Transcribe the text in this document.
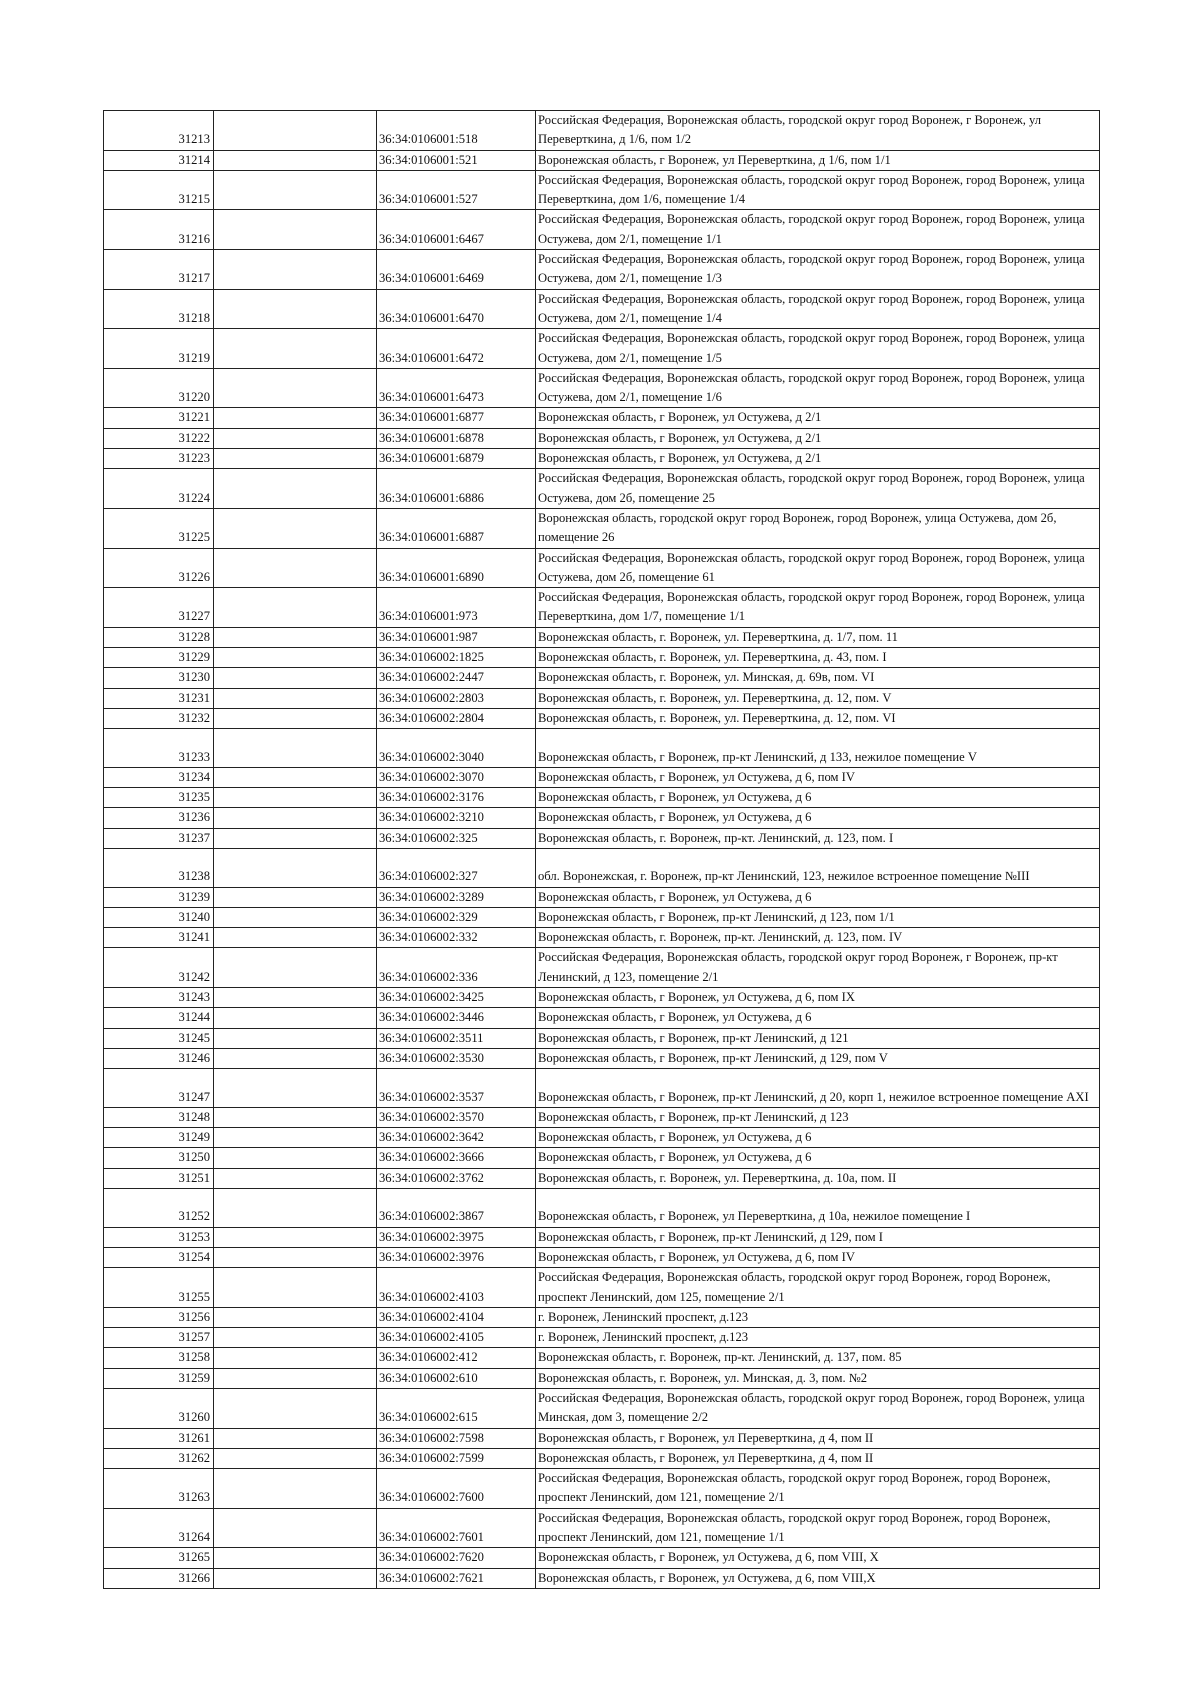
31213		36:34:0106001:518	Российская Федерация, Воронежская область, городской округ город Воронеж, г Воронеж, ул Переверткина, д 1/6, пом 1/2
31214		36:34:0106001:521	Воронежская область, г Воронеж, ул Переверткина, д 1/6, пом 1/1
31215		36:34:0106001:527	Российская Федерация, Воронежская область, городской округ город Воронеж, город Воронеж, улица Переверткина, дом 1/6, помещение 1/4
31216		36:34:0106001:6467	Российская Федерация, Воронежская область, городской округ город Воронеж, город Воронеж, улица Остужева, дом 2/1, помещение 1/1
31217		36:34:0106001:6469	Российская Федерация, Воронежская область, городской округ город Воронеж, город Воронеж, улица Остужева, дом 2/1, помещение 1/3
31218		36:34:0106001:6470	Российская Федерация, Воронежская область, городской округ город Воронеж, город Воронеж, улица Остужева, дом 2/1, помещение 1/4
31219		36:34:0106001:6472	Российская Федерация, Воронежская область, городской округ город Воронеж, город Воронеж, улица Остужева, дом 2/1, помещение 1/5
31220		36:34:0106001:6473	Российская Федерация, Воронежская область, городской округ город Воронеж, город Воронеж, улица Остужева, дом 2/1, помещение 1/6
31221		36:34:0106001:6877	Воронежская область, г Воронеж, ул Остужева, д 2/1
31222		36:34:0106001:6878	Воронежская область, г Воронеж, ул Остужева, д 2/1
31223		36:34:0106001:6879	Воронежская область, г Воронеж, ул Остужева, д 2/1
31224		36:34:0106001:6886	Российская Федерация, Воронежская область, городской округ город Воронеж, город Воронеж, улица Остужева, дом 2б, помещение 25
31225		36:34:0106001:6887	Воронежская область, городской округ город Воронеж, город Воронеж, улица Остужева, дом 2б, помещение 26
31226		36:34:0106001:6890	Российская Федерация, Воронежская область, городской округ город Воронеж, город Воронеж, улица Остужева, дом 2б, помещение 61
31227		36:34:0106001:973	Российская Федерация, Воронежская область, городской округ город Воронеж, город Воронеж, улица Переверткина, дом 1/7, помещение 1/1
31228		36:34:0106001:987	Воронежская область, г. Воронеж, ул. Переверткина, д. 1/7, пом. 11
31229		36:34:0106002:1825	Воронежская область, г. Воронеж, ул. Переверткина, д. 43, пом. I
31230		36:34:0106002:2447	Воронежская область, г. Воронеж, ул. Минская, д. 69в, пом. VI
31231		36:34:0106002:2803	Воронежская область, г. Воронеж, ул. Переверткина, д. 12, пом. V
31232		36:34:0106002:2804	Воронежская область, г. Воронеж, ул. Переверткина, д. 12, пом. VI
31233		36:34:0106002:3040	Воронежская область, г Воронеж, пр-кт Ленинский, д 133, нежилое помещение V
31234		36:34:0106002:3070	Воронежская область, г Воронеж, ул Остужева, д 6, пом IV
31235		36:34:0106002:3176	Воронежская область, г Воронеж, ул Остужева, д 6
31236		36:34:0106002:3210	Воронежская область, г Воронеж, ул Остужева, д 6
31237		36:34:0106002:325	Воронежская область, г. Воронеж, пр-кт. Ленинский, д. 123, пом. I
31238		36:34:0106002:327	обл. Воронежская, г. Воронеж, пр-кт Ленинский, 123, нежилое встроенное помещение №III
31239		36:34:0106002:3289	Воронежская область, г Воронеж, ул Остужева, д 6
31240		36:34:0106002:329	Воронежская область, г Воронеж, пр-кт Ленинский, д 123, пом 1/1
31241		36:34:0106002:332	Воронежская область, г. Воронеж, пр-кт. Ленинский, д. 123, пом. IV
31242		36:34:0106002:336	Российская Федерация, Воронежская область, городской округ город Воронеж, г Воронеж, пр-кт Ленинский, д 123, помещение 2/1
31243		36:34:0106002:3425	Воронежская область, г Воронеж, ул Остужева, д 6, пом IX
31244		36:34:0106002:3446	Воронежская область, г Воронеж, ул Остужева, д 6
31245		36:34:0106002:3511	Воронежская область, г Воронеж, пр-кт Ленинский, д 121
31246		36:34:0106002:3530	Воронежская область, г Воронеж, пр-кт Ленинский, д 129, пом V
31247		36:34:0106002:3537	Воронежская область, г Воронеж, пр-кт Ленинский, д 20, корп 1, нежилое встроенное помещение AXI
31248		36:34:0106002:3570	Воронежская область, г Воронеж, пр-кт Ленинский, д 123
31249		36:34:0106002:3642	Воронежская область, г Воронеж, ул Остужева, д 6
31250		36:34:0106002:3666	Воронежская область, г Воронеж, ул Остужева, д 6
31251		36:34:0106002:3762	Воронежская область, г. Воронеж, ул. Переверткина, д. 10а, пом. II
31252		36:34:0106002:3867	Воронежская область, г Воронеж, ул Переверткина, д 10а, нежилое помещение I
31253		36:34:0106002:3975	Воронежская область, г Воронеж, пр-кт Ленинский, д 129, пом I
31254		36:34:0106002:3976	Воронежская область, г Воронеж, ул Остужева, д 6, пом IV
31255		36:34:0106002:4103	Российская Федерация, Воронежская область, городской округ город Воронеж, город Воронеж, проспект Ленинский, дом 125, помещение 2/1
31256		36:34:0106002:4104	г. Воронеж, Ленинский проспект, д.123
31257		36:34:0106002:4105	г. Воронеж, Ленинский проспект, д.123
31258		36:34:0106002:412	Воронежская область, г. Воронеж, пр-кт. Ленинский, д. 137, пом. 85
31259		36:34:0106002:610	Воронежская область, г. Воронеж, ул. Минская, д. 3, пом. №2
31260		36:34:0106002:615	Российская Федерация, Воронежская область, городской округ город Воронеж, город Воронеж, улица Минская, дом 3, помещение 2/2
31261		36:34:0106002:7598	Воронежская область, г Воронеж, ул Переверткина, д 4, пом II
31262		36:34:0106002:7599	Воронежская область, г Воронеж, ул Переверткина, д 4, пом II
31263		36:34:0106002:7600	Российская Федерация, Воронежская область, городской округ город Воронеж, город Воронеж, проспект Ленинский, дом 121, помещение 2/1
31264		36:34:0106002:7601	Российская Федерация, Воронежская область, городской округ город Воронеж, город Воронеж, проспект Ленинский, дом 121, помещение 1/1
31265		36:34:0106002:7620	Воронежская область, г Воронеж, ул Остужева, д 6, пом VIII, X
31266		36:34:0106002:7621	Воронежская область, г Воронеж, ул Остужева, д 6, пом VIII,X
